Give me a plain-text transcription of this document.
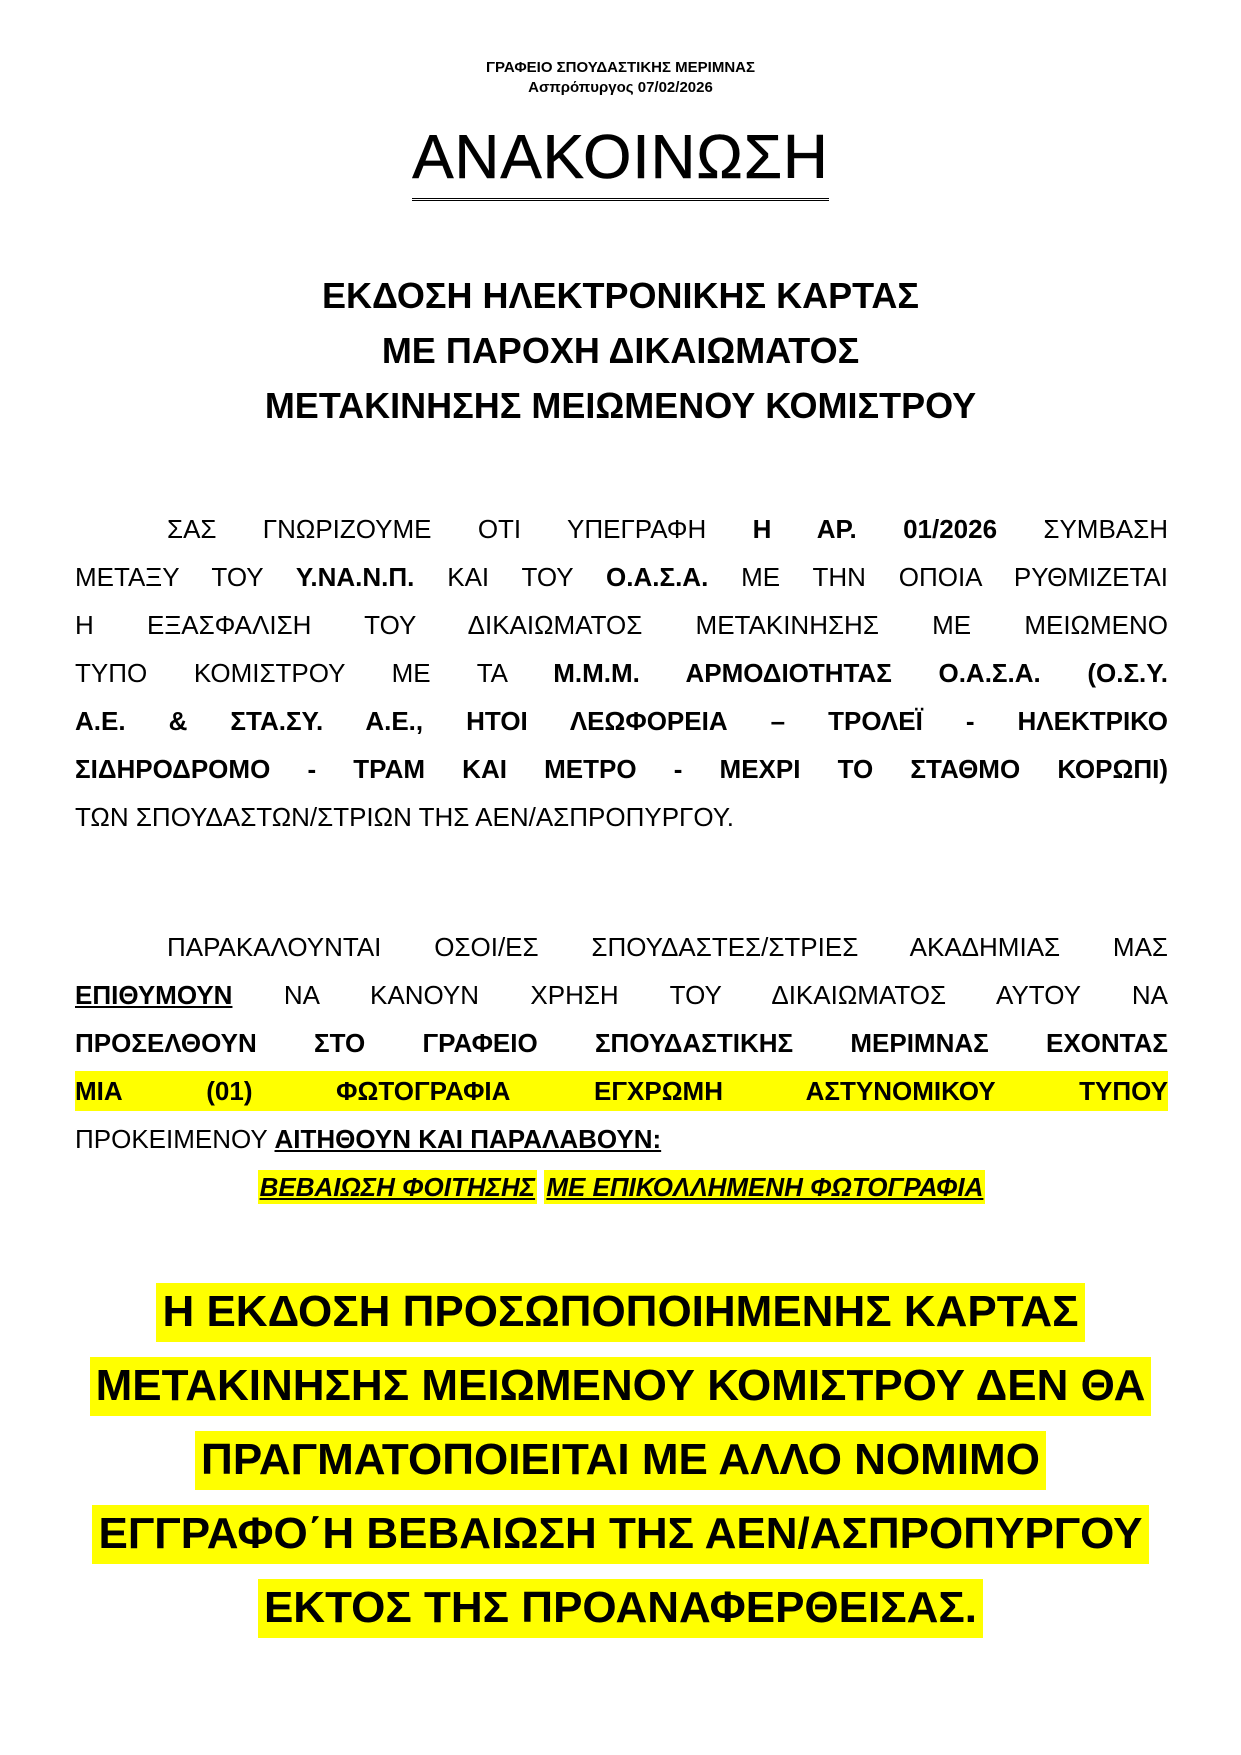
ΓΡΑΦΕΙΟ ΣΠΟΥΔΑΣΤΙΚΗΣ ΜΕΡΙΜΝΑΣ
Ασπρόπυργος 07/02/2026
ΑΝΑΚΟΙΝΩΣΗ
ΕΚΔΟΣΗ ΗΛΕΚΤΡΟΝΙΚΗΣ ΚΑΡΤΑΣ
ΜΕ ΠΑΡΟΧΗ ΔΙΚΑΙΩΜΑΤΟΣ
ΜΕΤΑΚΙΝΗΣΗΣ ΜΕΙΩΜΕΝΟΥ ΚΟΜΙΣΤΡΟΥ
ΣΑΣ ΓΝΩΡΙΖΟΥΜΕ ΟΤΙ ΥΠΕΓΡΑΦΗ Η ΑΡ. 01/2026 ΣΥΜΒΑΣΗ
ΜΕΤΑΞΥ ΤΟΥ Υ.ΝΑ.Ν.Π. ΚΑΙ ΤΟΥ Ο.Α.Σ.Α. ΜΕ ΤΗΝ ΟΠΟΙΑ ΡΥΘΜΙΖΕΤΑΙ
Η ΕΞΑΣΦΑΛΙΣΗ ΤΟΥ ΔΙΚΑΙΩΜΑΤΟΣ ΜΕΤΑΚΙΝΗΣΗΣ ΜΕ ΜΕΙΩΜΕΝΟ
ΤΥΠΟ ΚΟΜΙΣΤΡΟΥ ΜΕ ΤΑ Μ.Μ.Μ. ΑΡΜΟΔΙΟΤΗΤΑΣ Ο.Α.Σ.Α. (Ο.Σ.Υ.
Α.Ε. & ΣΤΑ.ΣΥ. Α.Ε., ΗΤΟΙ ΛΕΩΦΟΡΕΙΑ – ΤΡΟΛΕΪ - ΗΛΕΚΤΡΙΚΟ
ΣΙΔΗΡΟΔΡΟΜΟ - ΤΡΑΜ ΚΑΙ ΜΕΤΡΟ - ΜΕΧΡΙ ΤΟ ΣΤΑΘΜΟ ΚΟΡΩΠΙ)
ΤΩΝ ΣΠΟΥΔΑΣΤΩΝ/ΣΤΡΙΩΝ ΤΗΣ ΑΕΝ/ΑΣΠΡΟΠΥΡΓΟΥ.
ΠΑΡΑΚΑΛΟΥΝΤΑΙ ΟΣΟΙ/ΕΣ ΣΠΟΥΔΑΣΤΕΣ/ΣΤΡΙΕΣ ΑΚΑΔΗΜΙΑΣ ΜΑΣ
ΕΠΙΘΥΜΟΥΝ ΝΑ ΚΑΝΟΥΝ ΧΡΗΣΗ ΤΟΥ ΔΙΚΑΙΩΜΑΤΟΣ ΑΥΤΟΥ ΝΑ
ΠΡΟΣΕΛΘΟΥΝ ΣΤΟ ΓΡΑΦΕΙΟ ΣΠΟΥΔΑΣΤΙΚΗΣ ΜΕΡΙΜΝΑΣ ΕΧΟΝΤΑΣ
ΜΙΑ (01) ΦΩΤΟΓΡΑΦΙΑ ΕΓΧΡΩΜΗ ΑΣΤΥΝΟΜΙΚΟΥ ΤΥΠΟΥ
ΠΡΟΚΕΙΜΕΝΟΥ ΑΙΤΗΘΟΥΝ ΚΑΙ ΠΑΡΑΛΑΒΟΥΝ:
ΒΕΒΑΙΩΣΗ ΦΟΙΤΗΣΗΣ ΜΕ ΕΠΙΚΟΛΛΗΜΕΝΗ ΦΩΤΟΓΡΑΦΙΑ
Η ΕΚΔΟΣΗ ΠΡΟΣΩΠΟΠΟΙΗΜΕΝΗΣ ΚΑΡΤΑΣ
ΜΕΤΑΚΙΝΗΣΗΣ ΜΕΙΩΜΕΝΟΥ ΚΟΜΙΣΤΡΟΥ ΔΕΝ ΘΑ
ΠΡΑΓΜΑΤΟΠΟΙΕΙΤΑΙ ΜΕ ΑΛΛΟ ΝΟΜΙΜΟ
ΕΓΓΡΑΦΟ΄Η ΒΕΒΑΙΩΣΗ ΤΗΣ ΑΕΝ/ΑΣΠΡΟΠΥΡΓΟΥ
ΕΚΤΟΣ ΤΗΣ ΠΡΟΑΝΑΦΕΡΘΕΙΣΑΣ.
